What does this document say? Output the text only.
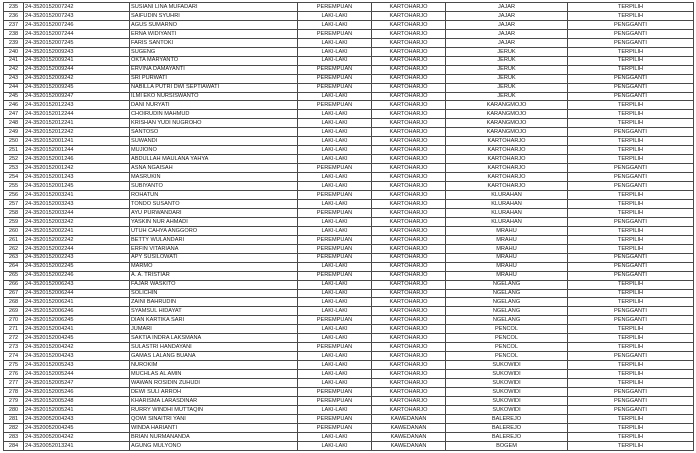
235	24-3520152007242	SUSIANI LINA MUFADARI	PEREMPUAN	KARTOHARJO	JAJAR	TERPILIH
236	24-3520152007243	SAIFUDIN SYUHRI	LAKI-LAKI	KARTOHARJO	JAJAR	TERPILIH
237	24-3520152007246	AGUS SUMARNO	LAKI-LAKI	KARTOHARJO	JAJAR	PENGGANTI
238	24-3520152007244	ERNA WIDIYANTI	PEREMPUAN	KARTOHARJO	JAJAR	PENGGANTI
239	24-3520152007245	FARIS SANTOKI	LAKI-LAKI	KARTOHARJO	JAJAR	PENGGANTI
240	24-3520152009243	SUGENG	LAKI-LAKI	KARTOHARJO	JERUK	TERPILIH
241	24-3520152009241	OKTA MARYANTO	LAKI-LAKI	KARTOHARJO	JERUK	TERPILIH
242	24-3520152009244	ERVINA DAMAYANTI	PEREMPUAN	KARTOHARJO	JERUK	TERPILIH
243	24-3520152009242	SRI PURWATI	PEREMPUAN	KARTOHARJO	JERUK	PENGGANTI
244	24-3520152009245	NABILLA PUTRI DWI SEPTIAWATI	PEREMPUAN	KARTOHARJO	JERUK	PENGGANTI
245	24-3520152009247	ILMI EKO NURSISWANTO	LAKI-LAKI	KARTOHARJO	JERUK	PENGGANTI
246	24-3520152012243	DANI NURYATI	PEREMPUAN	KARTOHARJO	KARANGMOJO	TERPILIH
247	24-3520152012244	CHOIRUDIN MAHMUD	LAKI-LAKI	KARTOHARJO	KARANGMOJO	TERPILIH
248	24-3520152012241	KRISHAN YUDI NUGROHO	LAKI-LAKI	KARTOHARJO	KARANGMOJO	TERPILIH
249	24-3520152012242	SANTOSO	LAKI-LAKI	KARTOHARJO	KARANGMOJO	PENGGANTI
250	24-3520152001241	SUWANDI	LAKI-LAKI	KARTOHARJO	KARTOHARJO	TERPILIH
251	24-3520152001244	MUJIONO	LAKI-LAKI	KARTOHARJO	KARTOHARJO	TERPILIH
252	24-3520152001246	ABDULLAH MAULANA YAHYA	LAKI-LAKI	KARTOHARJO	KARTOHARJO	TERPILIH
253	24-3520152001242	ASNA NGAISAH	PEREMPUAN	KARTOHARJO	KARTOHARJO	PENGGANTI
254	24-3520152001243	MASRUKIN	LAKI-LAKI	KARTOHARJO	KARTOHARJO	PENGGANTI
255	24-3520152001245	SUBIYANTO	LAKI-LAKI	KARTOHARJO	KARTOHARJO	PENGGANTI
256	24-3520152003241	ROHATUN	PEREMPUAN	KARTOHARJO	KLURAHAN	TERPILIH
257	24-3520152003243	TONDO SUSANTO	LAKI-LAKI	KARTOHARJO	KLURAHAN	TERPILIH
258	24-3520152003244	AYU PURWANDARI	PEREMPUAN	KARTOHARJO	KLURAHAN	TERPILIH
259	24-3520152003242	YASKIN NUR AHMADI	LAKI-LAKI	KARTOHARJO	KLURAHAN	PENGGANTI
260	24-3520152002241	UTUH CAHYA ANGGORO	LAKI-LAKI	KARTOHARJO	MRAHU	TERPILIH
261	24-3520152002242	BETTY WULANDARI	PEREMPUAN	KARTOHARJO	MRAHU	TERPILIH
262	24-3520152002244	ERFIN VITARIANA	PEREMPUAN	KARTOHARJO	MRAHU	TERPILIH
263	24-3520152002243	APY SUSILOWATI	PEREMPUAN	KARTOHARJO	MRAHU	PENGGANTI
264	24-3520152002245	MARMO	LAKI-LAKI	KARTOHARJO	MRAHU	PENGGANTI
265	24-3520152002246	A. A. TRISTIAR	PEREMPUAN	KARTOHARJO	MRAHU	PENGGANTI
266	24-3520152006243	FAJAR WASKITO	LAKI-LAKI	KARTOHARJO	NGELANG	TERPILIH
267	24-3520152006244	SOLICHIN	LAKI-LAKI	KARTOHARJO	NGELANG	TERPILIH
268	24-3520152006241	ZAINI BAHRUDIN	LAKI-LAKI	KARTOHARJO	NGELANG	TERPILIH
269	24-3520152006246	SYAMSUL HIDAYAT	LAKI-LAKI	KARTOHARJO	NGELANG	PENGGANTI
270	24-3520152006245	DIAN KARTIKA SARI	PEREMPUAN	KARTOHARJO	NGELANG	PENGGANTI
271	24-3520152004241	JUMARI	LAKI-LAKI	KARTOHARJO	PENCOL	TERPILIH
272	24-3520152004245	SAKTIA INDRA LAKSMANA	LAKI-LAKI	KARTOHARJO	PENCOL	TERPILIH
273	24-3520152004242	SULASTRI HANDAYANI	PEREMPUAN	KARTOHARJO	PENCOL	TERPILIH
274	24-3520152004243	GAMAS LALANG BUANA	LAKI-LAKI	KARTOHARJO	PENCOL	PENGGANTI
275	24-3520152005243	NUROKIM	LAKI-LAKI	KARTOHARJO	SUKOWIDI	TERPILIH
276	24-3520152005244	MUCHLAS AL AMIN	LAKI-LAKI	KARTOHARJO	SUKOWIDI	TERPILIH
277	24-3520152005247	WAWAN ROSIDIN ZUHUDI	LAKI-LAKI	KARTOHARJO	SUKOWIDI	TERPILIH
278	24-3520152005246	DEWI SULI ARROH	PEREMPUAN	KARTOHARJO	SUKOWIDI	PENGGANTI
279	24-3520152005248	KHARISMA LARASDINAR	PEREMPUAN	KARTOHARJO	SUKOWIDI	PENGGANTI
280	24-3520152005241	RURRY WINDHI MUTTAQIN	LAKI-LAKI	KARTOHARJO	SUKOWIDI	PENGGANTI
281	24-3520052004243	QOWI SINAITRI YANI	PEREMPUAN	KAWEDANAN	BALEREJO	TERPILIH
282	24-3520052004245	WINDA HARIANTI	PEREMPUAN	KAWEDANAN	BALEREJO	TERPILIH
283	24-3520052004242	BRIAN NURMANANDA	LAKI-LAKI	KAWEDANAN	BALEREJO	TERPILIH
284	24-3520052013241	AGUNG MULYONO	LAKI-LAKI	KAWEDANAN	BOGEM	TERPILIH
